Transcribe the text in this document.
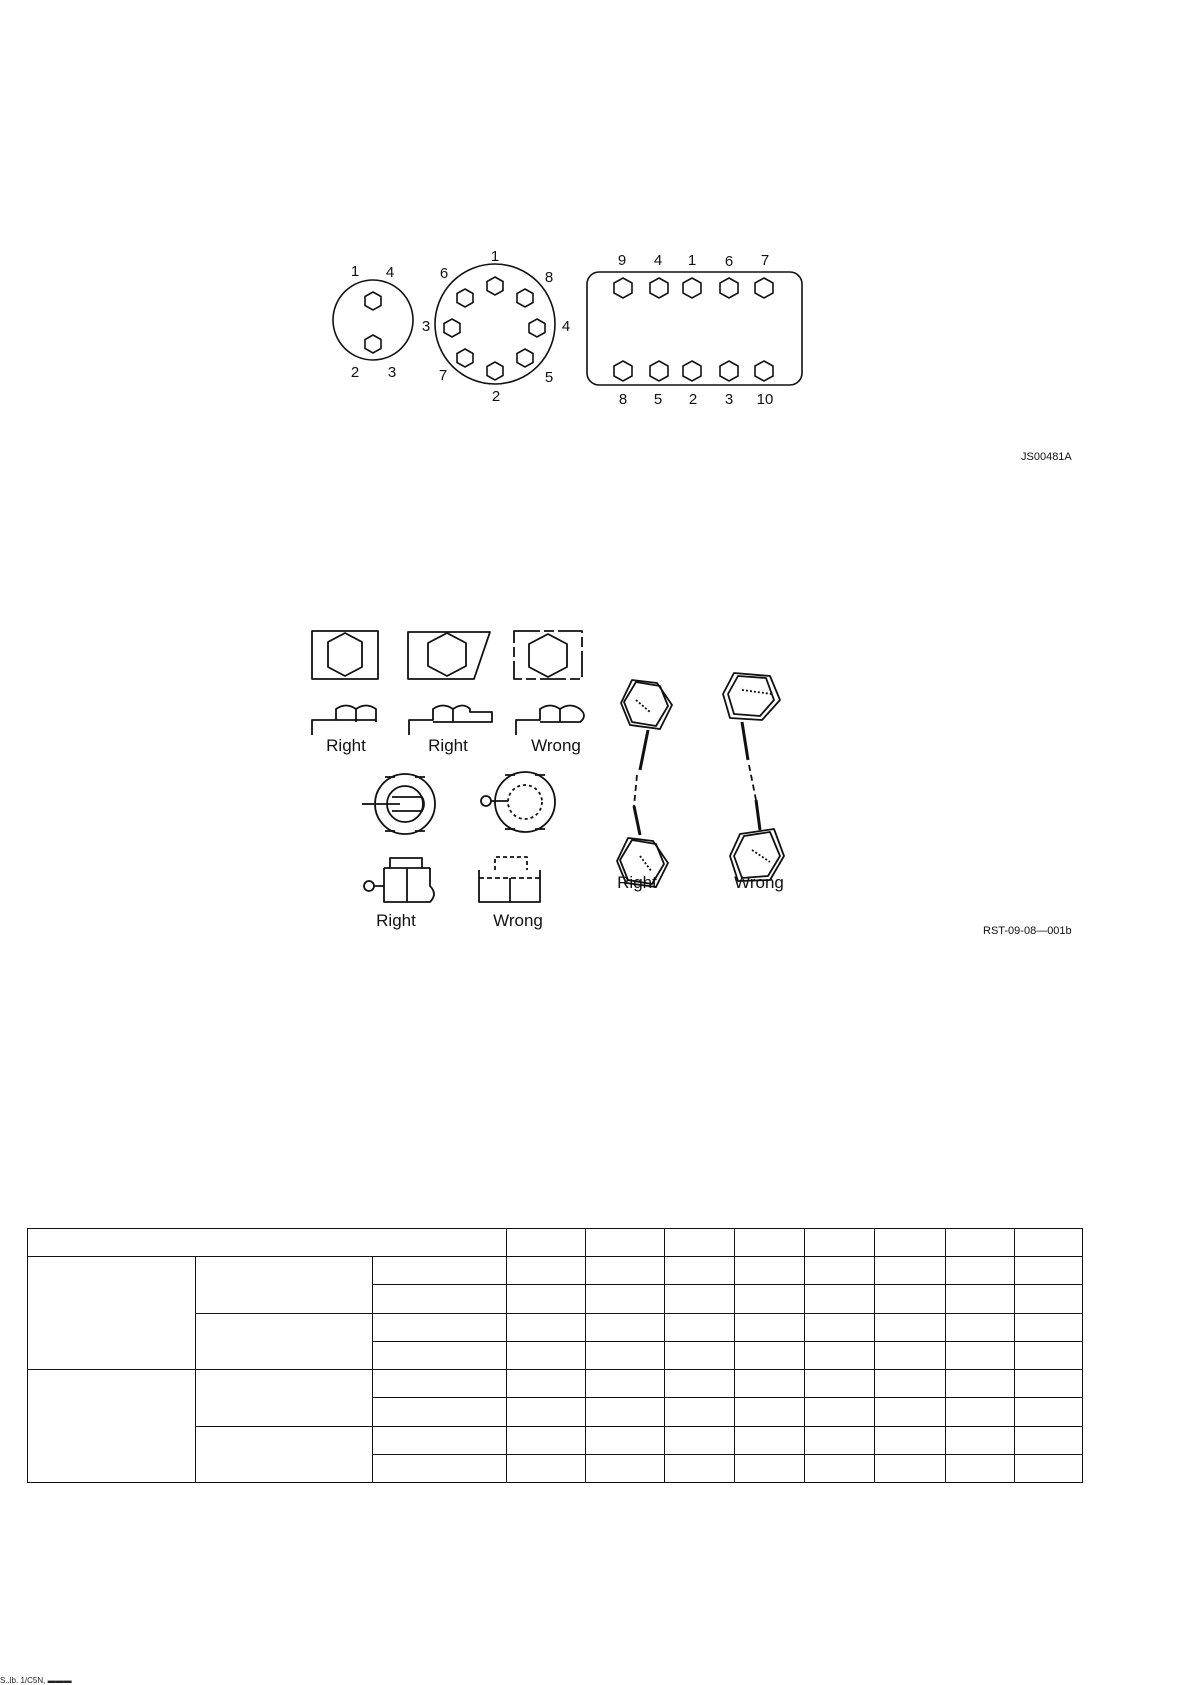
1 4
2 3
1
8
4
5
2
7
3
6
9 4 1 6 7
8 5 2 3 10
JS00481A
Right	Right	Wrong
Right	Wrong
Right	Wrong
RST-09-08—001b

S..lb. 1/C5N, ▬▬▬
